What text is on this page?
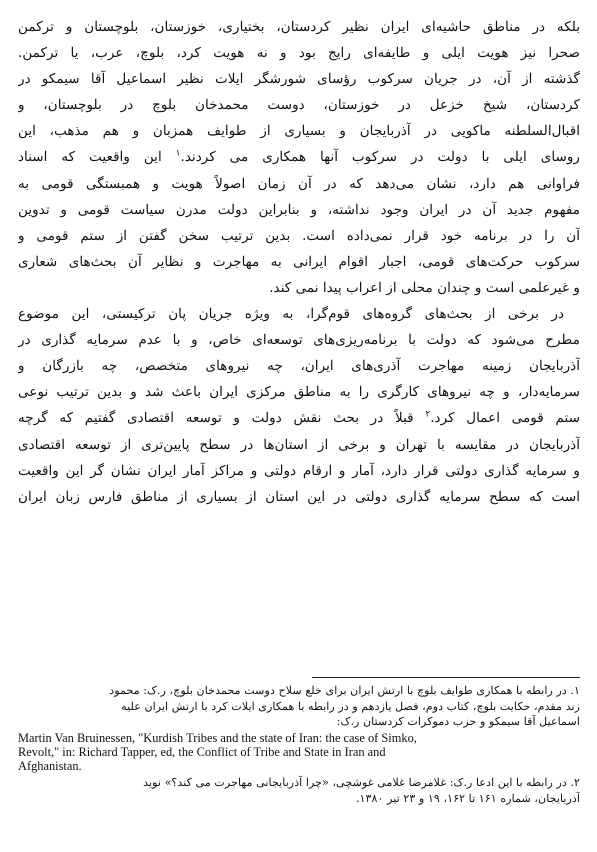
بلکه در مناطق حاشیه‌ای ایران نظیر کردستان، بختیاری، خوزستان، بلوچستان و ترکمن
صحرا نیز هویت ایلی و طایفه‌ای رایج بود و نه هویت کرد، بلوچ، عرب، یا ترکمن.
گذشته از آن، در جریان سرکوب رؤسای شورشگر ایلات نظیر اسماعیل آقا سیمکو در
کردستان، شیخ خزعل در خوزستان، دوست محمدخان بلوچ در بلوچستان، و
اقبال‌السلطنه ماکویی در آذربایجان و بسیاری از طوایف همزبان و هم مذهب، این
روسای ایلی با دولت در سرکوب آنها همکاری می کردند.$^۱$ این واقعیت که اسناد
فراوانی هم دارد، نشان می‌دهد که در آن زمان اصولاً هویت و همبستگی قومی به
مفهوم جدید آن در ایران وجود نداشته، و بنابراین دولت مدرن سیاست قومی و تدوین
آن را در برنامه خود قرار نمی‌داده است. بدین ترتیب سخن گفتن از ستم قومی و
سرکوب حرکت‌های قومی، اجبار اقوام ایرانی به مهاجرت و نظایر آن بحث‌های شعاری
و غیرعلمی است و چندان محلی از اعراب پیدا نمی کند.

در برخی از بحث‌های گروه‌های قوم‌گرا، به ویژه جریان پان ترکیستی، این موضوع
مطرح می‌شود که دولت با برنامه‌ریزی‌های توسعه‌ای خاص، و با عدم سرمایه گذاری در
آذربایجان زمینه مهاجرت آذری‌های ایران، چه نیروهای متخصص، چه بازرگان و
سرمایه‌دار، و چه نیروهای کارگری را به مناطق مرکزی ایران باعث شد و بدین ترتیب نوعی
ستم قومی اعمال کرد.$^۲$ قبلاً در بحث نقش دولت و توسعه اقتصادی گفتیم که گرچه
آذربایجان در مقایسه با تهران و برخی از استان‌ها در سطح پایین‌تری از توسعه اقتصادی
و سرمایه گذاری دولتی قرار دارد، آمار و ارقام دولتی و مراکز آمار ایران نشان گر این واقعیت
است که سطح سرمایه گذاری دولتی در این استان از بسیاری از مناطق فارس زبان ایران

۱. در رابطه با همکاری طوایف بلوچ با ارتش ایران برای خلع سلاح دوست محمدخان بلوچ، ر.ک: محمود
زند مقدم، حکایت بلوچ، کتاب دوم، فصل یازدهم و در رابطه با همکاری ایلات کرد با ارتش ایران علیه
اسماعیل آقا سیمکو و حزب دموکرات کردستان ر.ک:
Martin Van Bruinessen, "Kurdish Tribes and the state of Iran: the case of Simko,
Revolt," in: Richard Tapper, ed, the Conflict of Tribe and State in Iran and
Afghanistan.
۲. در رابطه با این ادعا ر.ک: غلامرضا غلامی غوشچی، «چرا آذربایجانی مهاجرت می کند؟» نوید
آذربایجان، شماره ۱۶۱ تا ۱۶۲، ۱۹ و ۲۳ تیر ۱۳۸۰.
